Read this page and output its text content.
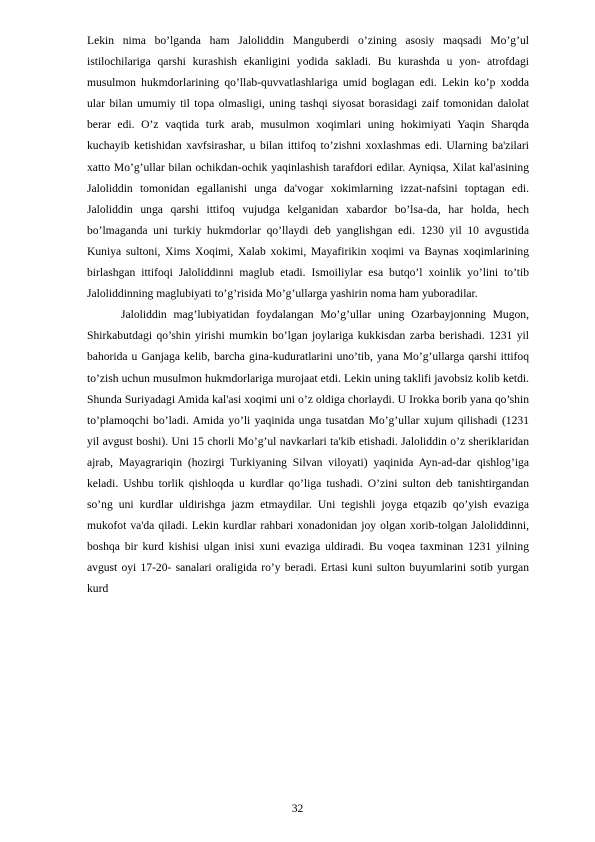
Lekin nima bo’lganda ham Jaloliddin Manguberdi o’zining asosiy maqsadi Mo’g’ul istilochilariga qarshi kurashish ekanligini yodida sakladi. Bu kurashda u yon- atrofdagi musulmon hukmdorlarining qo’llab-quvvatlashlariga umid boglagan edi. Lekin ko’p xodda ular bilan umumiy til topa olmasligi, uning tashqi siyosat borasidagi zaif tomonidan dalolat berar edi. O’z vaqtida turk arab, musulmon xoqimlari uning hokimiyati Yaqin Sharqda kuchayib ketishidan xavfsirashar, u bilan ittifoq to’zishni xoxlashmas edi. Ularning ba'zilari xatto Mo’g’ullar bilan ochikdan-ochik yaqinlashish tarafdori edilar. Ayniqsa, Xilat kal'asining Jaloliddin tomonidan egallanishi unga da'vogar xokimlarning izzat-nafsini toptagan edi. Jaloliddin unga qarshi ittifoq vujudga kelganidan xabardor bo’lsa-da, har holda, hech bo’lmaganda uni turkiy hukmdorlar qo’llaydi deb yanglishgan edi. 1230 yil 10 avgustida Kuniya sultoni, Xims Xoqimi, Xalab xokimi, Mayafirikin xoqimi va Baynas xoqimlarining birlashgan ittifoqi Jaloliddinni maglub etadi. Ismoiliylar esa butqo’l xoinlik yo’lini to’tib Jaloliddinning maglubiyati to’g’risida Mo’g’ullarga yashirin noma ham yuboradilar.

Jaloliddin mag’lubiyatidan foydalangan Mo’g’ullar uning Ozarbayjonning Mugon, Shirkabutdagi qo’shin yirishi mumkin bo’lgan joylariga kukkisdan zarba berishadi. 1231 yil bahorida u Ganjaga kelib, barcha gina-kuduratlarini uno’tib, yana Mo’g’ullarga qarshi ittifoq to’zish uchun musulmon hukmdorlariga murojaat etdi. Lekin uning taklifi javobsiz kolib ketdi. Shunda Suriyadagi Amida kal'asi xoqimi uni o’z oldiga chorlaydi. U Irokka borib yana qo’shin to’plamoqchi bo’ladi. Amida yo’li yaqinida unga tusatdan Mo’g’ullar xujum qilishadi (1231 yil avgust boshi). Uni 15 chorli Mo’g’ul navkarlari ta'kib etishadi. Jaloliddin o’z sheriklaridan ajrab, Mayagrariqin (hozirgi Turkiyaning Silvan viloyati) yaqinida Ayn-ad-dar qishlog’iga keladi. Ushbu torlik qishloqda u kurdlar qo’liga tushadi. O’zini sulton deb tanishtirgandan so’ng uni kurdlar uldirishga jazm etmaydilar. Uni tegishli joyga etqazib qo’yish evaziga mukofot va'da qiladi. Lekin kurdlar rahbari xonadonidan joy olgan xorib-tolgan Jaloliddinni, boshqa bir kurd kishisi ulgan inisi xuni evaziga uldiradi. Bu voqea taxminan 1231 yilning avgust oyi 17-20- sanalari oraligida ro’y beradi. Ertasi kuni sulton buyumlarini sotib yurgan kurd

32
